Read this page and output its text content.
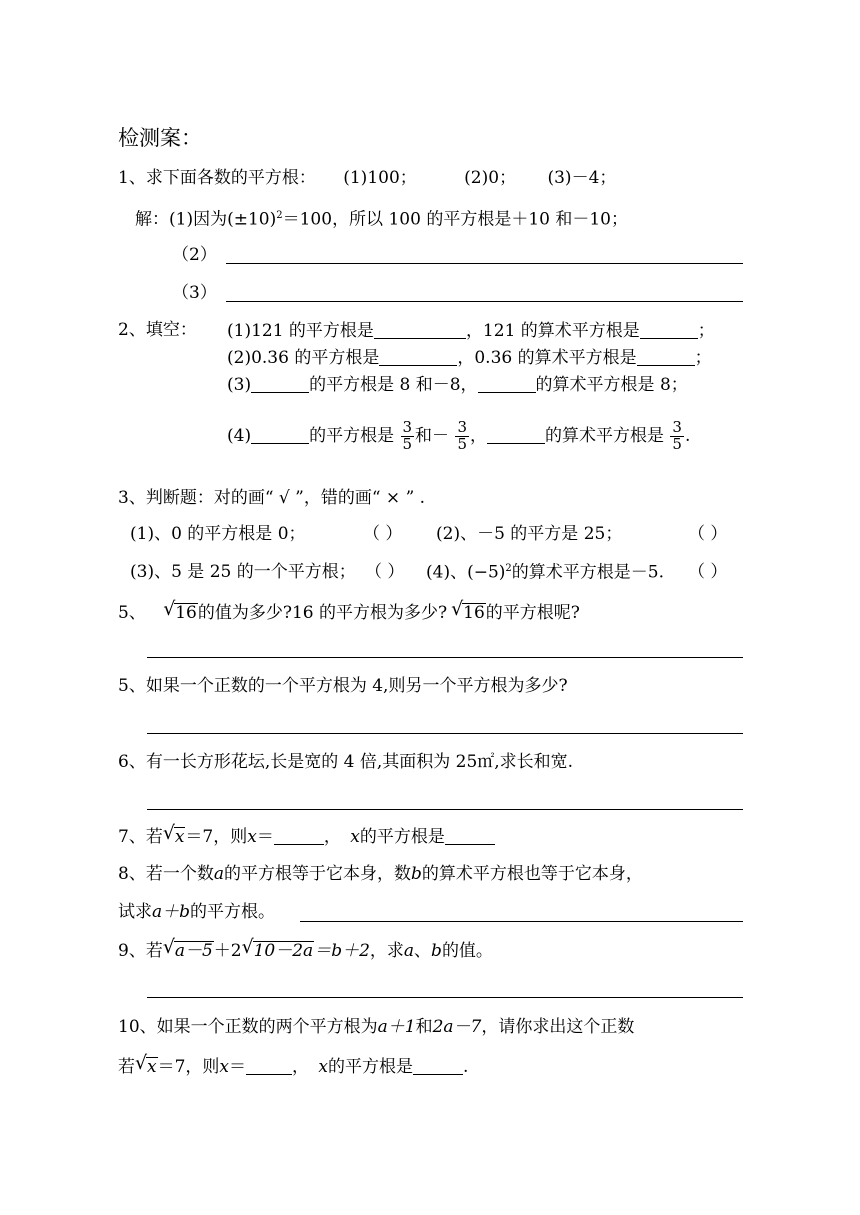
检测案：
1、求下面各数的平方根： (1)100；	(2)0； (3)－4；
解：(1)因为$(\pm 10)^2=100$，所以 100 的平方根是＋10 和－10；
（2）
（3）
2、填空： (1)121 的平方根是	，121 的算术平方根是	；
(2)0.36 的平方根是	，0.36 的算术平方根是	；
(3)	的平方根是 8 和－8，	的算术平方根是 8；
(4)	的平方根是 $\frac{3}{5}$ 和－ $\frac{3}{5}$ ，	的算术平方根是 $\frac{3}{5}$ .
3、判断题：对的画“ √ ”，错的画“ × ” .
(1)、0 的平方根是 0；	（ ） (2)、－5 的平方是 25；	（ ）
(3)、5 是 25 的一个平方根； （ ） (4)、$(-5)^2$的算术平方根是－5. （ ）
5、 √ 16的值为多少?16 的平方根为多少? √ 16的平方根呢?
5、如果一个正数的一个平方根为 4,则另一个平方根为多少?
6、有一长方形花坛,长是宽的 4 倍,其面积为 25㎡,求长和宽.
7、若 √ x＝7，则x＝	， x的平方根是
8、若一个数a的平方根等于它本身，数b的算术平方根也等于它本身，
试求a＋b的平方根。
9、若 √ a－5＋2 √ 10－2a＝b＋2，求a、b的值。
10、如果一个正数的两个平方根为a＋1和2a－7，请你求出这个正数
若 √ x＝7，则x＝	， x的平方根是	.
